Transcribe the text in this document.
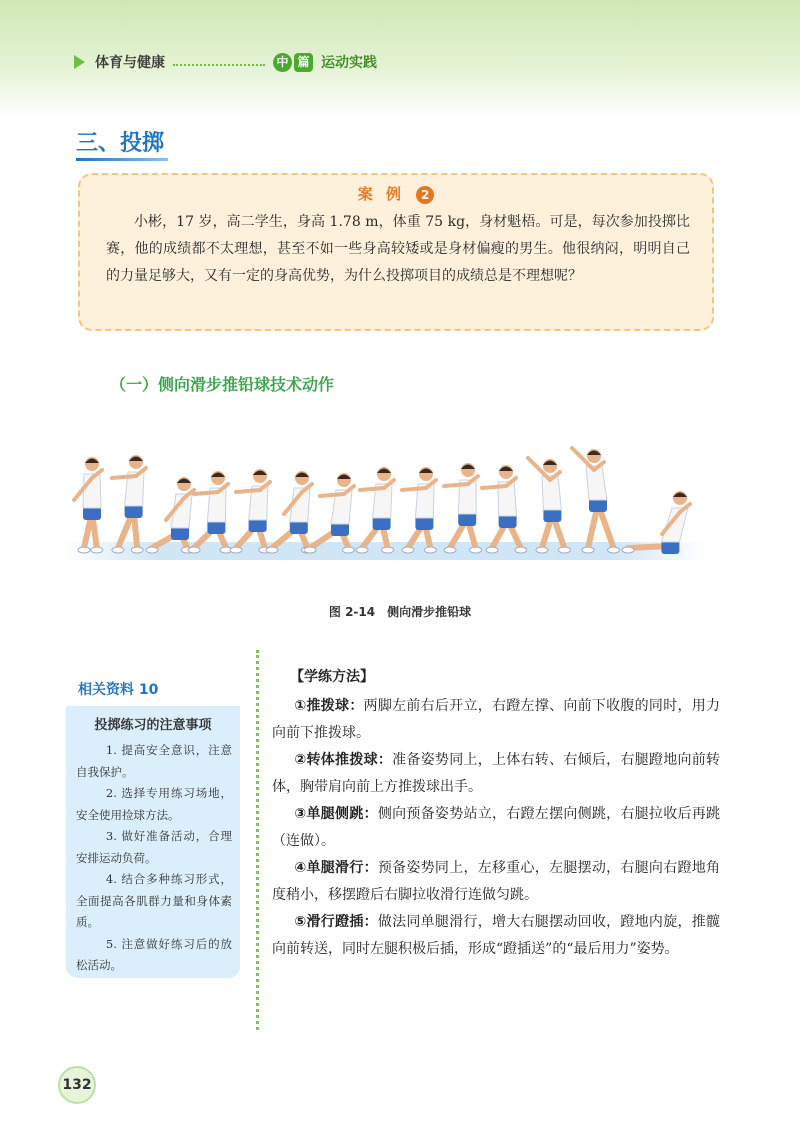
体育与健康	中 篇 运动实践
三、投掷
案 例 2
小彬，17 岁，高二学生，身高 1.78 m，体重 75 kg，身材魁梧。可是，每次参加投掷比赛，他的成绩都不太理想，甚至不如一些身高较矮或是身材偏瘦的男生。他很纳闷，明明自己的力量足够大，又有一定的身高优势，为什么投掷项目的成绩总是不理想呢？
（一）侧向滑步推铅球技术动作
图 2-14　侧向滑步推铅球
相关资料 10
投掷练习的注意事项

1. 提高安全意识，注意自我保护。

2. 选择专用练习场地，安全使用捡球方法。

3. 做好准备活动，合理安排运动负荷。

4. 结合多种练习形式，全面提高各肌群力量和身体素质。

5. 注意做好练习后的放松活动。

【学练方法】

①推拨球：两脚左前右后开立，右蹬左撑、向前下收腹的同时，用力向前下推拨球。

②转体推拨球：准备姿势同上，上体右转、右倾后，右腿蹬地向前转体，胸带肩向前上方推拨球出手。

③单腿侧跳：侧向预备姿势站立，右蹬左摆向侧跳，右腿拉收后再跳（连做）。

④单腿滑行：预备姿势同上，左移重心，左腿摆动，右腿向右蹬地角度稍小，移摆蹬后右脚拉收滑行连做匀跳。

⑤滑行蹬插：做法同单腿滑行，增大右腿摆动回收，蹬地内旋，推髋向前转送，同时左腿积极后插，形成“蹬插送”的“最后用力”姿势。

132
